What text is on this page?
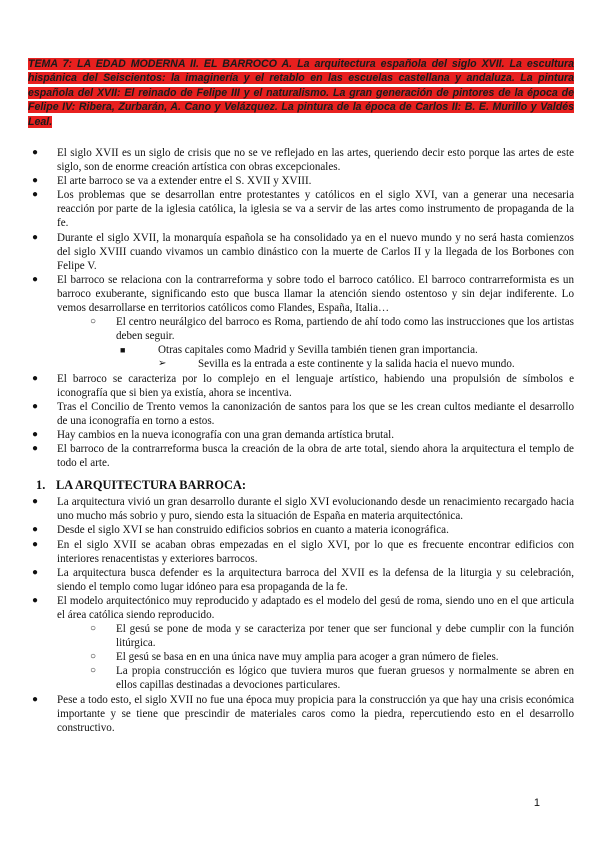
TEMA 7: LA EDAD MODERNA II. EL BARROCO A. La arquitectura española del siglo XVII. La escultura hispánica del Seiscientos: la imaginería y el retablo en las escuelas castellana y andaluza. La pintura española del XVII: El reinado de Felipe III y el naturalismo. La gran generación de pintores de la época de Felipe IV: Ribera, Zurbarán, A. Cano y Velázquez. La pintura de la época de Carlos II: B. E. Murillo y Valdés Leal.
● El siglo XVII es un siglo de crisis que no se ve reflejado en las artes, queriendo decir esto porque las artes de este siglo, son de enorme creación artística con obras excepcionales.
● El arte barroco se va a extender entre el S. XVII y XVIII.
● Los problemas que se desarrollan entre protestantes y católicos en el siglo XVI, van a generar una necesaria reacción por parte de la iglesia católica, la iglesia se va a servir de las artes como instrumento de propaganda de la fe.
● Durante el siglo XVII, la monarquía española se ha consolidado ya en el nuevo mundo y no será hasta comienzos del siglo XVIII cuando vivamos un cambio dinástico con la muerte de Carlos II y la llegada de los Borbones con Felipe V.
● El barroco se relaciona con la contrarreforma y sobre todo el barroco católico. El barroco contrarreformista es un barroco exuberante, significando esto que busca llamar la atención siendo ostentoso y sin dejar indiferente. Lo vemos desarrollarse en territorios católicos como Flandes, España, Italia…
○ El centro neurálgico del barroco es Roma, partiendo de ahí todo como las instrucciones que los artistas deben seguir.
■	Otras capitales como Madrid y Sevilla también tienen gran importancia.
➢	Sevilla es la entrada a este continente y la salida hacia el nuevo mundo.
● El barroco se caracteriza por lo complejo en el lenguaje artístico, habiendo una propulsión de símbolos e iconografía que si bien ya existía, ahora se incentiva.
● Tras el Concilio de Trento vemos la canonización de santos para los que se les crean cultos mediante el desarrollo de una iconografía en torno a estos.
● Hay cambios en la nueva iconografía con una gran demanda artística brutal.
● El barroco de la contrarreforma busca la creación de la obra de arte total, siendo ahora la arquitectura el templo de todo el arte.
1. LA ARQUITECTURA BARROCA:
● La arquitectura vivió un gran desarrollo durante el siglo XVI evolucionando desde un renacimiento recargado hacia uno mucho más sobrio y puro, siendo esta la situación de España en materia arquitectónica.
● Desde el siglo XVI se han construido edificios sobrios en cuanto a materia iconográfica.
● En el siglo XVII se acaban obras empezadas en el siglo XVI, por lo que es frecuente encontrar edificios con interiores renacentistas y exteriores barrocos.
● La arquitectura busca defender es la arquitectura barroca del XVII es la defensa de la liturgia y su celebración, siendo el templo como lugar idóneo para esa propaganda de la fe.
● El modelo arquitectónico muy reproducido y adaptado es el modelo del gesú de roma, siendo uno en el que articula el área católica siendo reproducido.
○ El gesú se pone de moda y se caracteriza por tener que ser funcional y debe cumplir con la función litúrgica.
○ El gesú se basa en en una única nave muy amplia para acoger a gran número de fieles.
○ La propia construcción es lógico que tuviera muros que fueran gruesos y normalmente se abren en ellos capillas destinadas a devociones particulares.
● Pese a todo esto, el siglo XVII no fue una época muy propicia para la construcción ya que hay una crisis económica importante y se tiene que prescindir de materiales caros como la piedra, repercutiendo esto en el desarrollo constructivo.
1
